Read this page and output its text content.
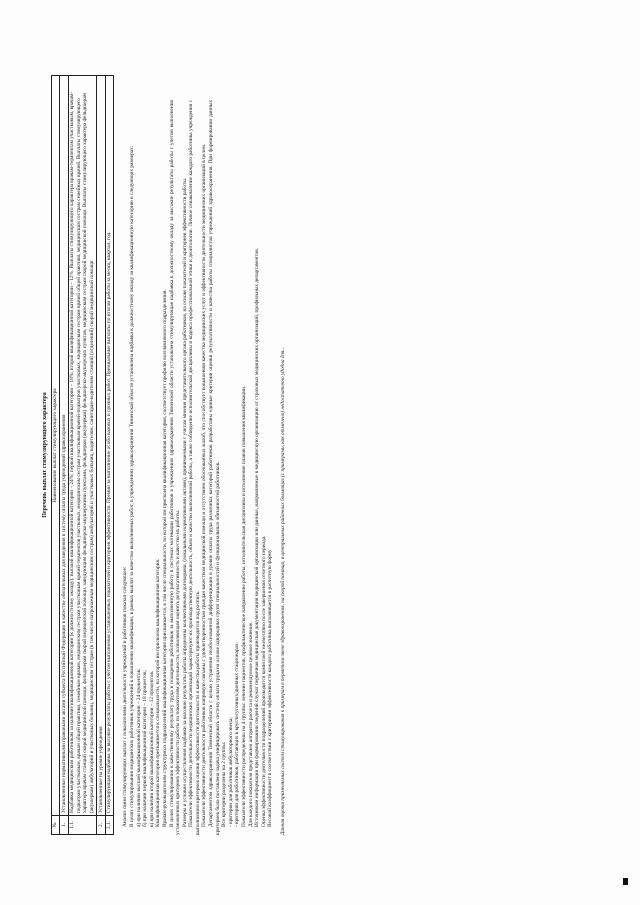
Перечень выплат стимулирующего характера
№	Наименование выплат стимулирующего характера
1.	Установленные нормативными правовыми актами субъекта Российской Федерации в качестве обязательных для введения в систему оплаты труда учреждений здравоохранения
1.1.	Надбавка медицинским работникам за наличие квалификационной категории (к должностному окладу): высшей квалификационной категории – 24%; первой квалификационной категории – 18%; второй квалификационной категории – 12%. Выплаты стимулирующего характера врачам-терапевтам участковым, врачам-педиатрам участковым, врачам общей практики, семейным врачам, медицинским сестрам участковым врачей-терапевтов участковых, медицинским сестрам участковым врачей-педиатров участковых, медицинским сестрам врачей общей практики, медицинским сестрам семейных врачей. Выплаты стимулирующего характера врачам станций скорой медицинской помощи, фельдшерам скорой медицинской помощи, заведующим фельдшерско-акушерскими пунктами, фельдшерам (акушеркам) фельдшерско-акушерских пунктов, медицинским сестрам скорой медицинской помощи. Выплаты стимулирующего характера фельдшерам (акушеркам) амбулаторий и участковых больниц, медицинским сестрам (в том числе патронажным медицинским сестрам) амбулаторий и участковых больниц, водителям, санитарам-водителям станций (отделений) скорой медицинской помощи
2.	Установленные на уровне учреждения
2.1.	Стимулирующая надбавка за высокие результаты работы с учетом выполнения установленных показателей и критериев эффективности. Премии за выполнение особо важных и срочных работ. Премиальные выплаты по итогам работы за месяц, квартал, год. Анализ связи стимулирующих выплат с показателями деятельности учреждений и работников показал следующее: В целях стимулирования медицинских работников учреждений к повышению квалификации, в рамках выплат за качество выполняемых работ, в учреждениях здравоохранения Тюменской области установлена надбавка к должностному окладу за квалификационную категорию в следующих размерах: а) при наличии высшей квалификационной категории – 24 процентов; б) при наличии первой квалификационной категории – 18 процентов; в) при наличии второй квалификационной категории – 12 процентов. Квалификационная категория присваивается к специальности, по которой им присвоена квалификационная категория. Врачам-руководителям структурных подразделений квалификационная категория присваивается, в том числе специальности, по которой им присвоена квалификационная категория, соответствует профилю возглавляемого подразделения. В целях стимулирования в качественному результату труда и поощрения работников за выполненную работу в системах мотивации работников в учреждениях здравоохранения Тюменской области установлена стимулирующая надбавка к должностному окладу за высокие результаты работы с учетом выполнения установленных критериев эффективности работы по показателям деятельности, позволяющим оценить результативность и качество их работы. Размеры и условия осуществления надбавки за высокие результаты работы определены коллективными договорами, (локальными нормативными актами), принимаемыми с учетом мнения представительного органа работников, на основе показателей и критериев эффективности работы. Показатели эффективности деятельности медицинских организаций характеризуют их производственную деятельность, объем и качество выполняемой работы, а также соблюдение исполнительской дисциплины и кодекса профессиональной этики и деонтологии. Личное ознакомление каждого работника учреждения с выполнением критериев оценки эффективности деятельности и качества работы производится под роспись. Показатели эффективности деятельности работников напрямую связаны с удовлетворенностью граждан качеством медицинской помощи и отсутствием обоснованных жалоб, что способствует повышению качества медицинских услуг и эффективности деятельности медицинских организаций в целом. Департаментом здравоохранения Тюменской области с целью устранения необоснованной дифференциации в уровне оплаты труда различных категорий работников разработаны единые критерии оценки результативности и качества работы специалистов учреждений здравоохранения. При формировании данных критериев была поставлена задача унифицировать систему оплаты труда на основе однородных групп специальностей и функциональных обязанностей работников. Все критерии разделены на 2 группы: - критерии для работников амбулаторного звена; - критерии для работников, работающих в круглосуточных/дневных стационарах. Показатели эффективности распределены на 4 группы: лечение пациентов, профилактическое направление работы, исполнительская дисциплина и исполнение планов повышения квалификации. Для каждого показателя представлен алгоритм расчета и рекомендуемое целевое значение. Источником информации при формировании сведений служат первичная медицинская документация медицинской организации или данные, направляемые в медицинскую организацию от страховых медицинских организаций, профильных департаментов. Оценка эффективности деятельности подразделений производится комиссией ежемесячно после завершения отчетного периода. Весовой коэффициент в соответствии с критериями эффективности каждого работника выплачивается в расчетную форму Данная оценка применяемых систем стимулирования к примерам в первичном звене здравоохранения, на скорой помощи, в центральных районных больницах (с примерами, как отмечено) недостаточно удобна для...
